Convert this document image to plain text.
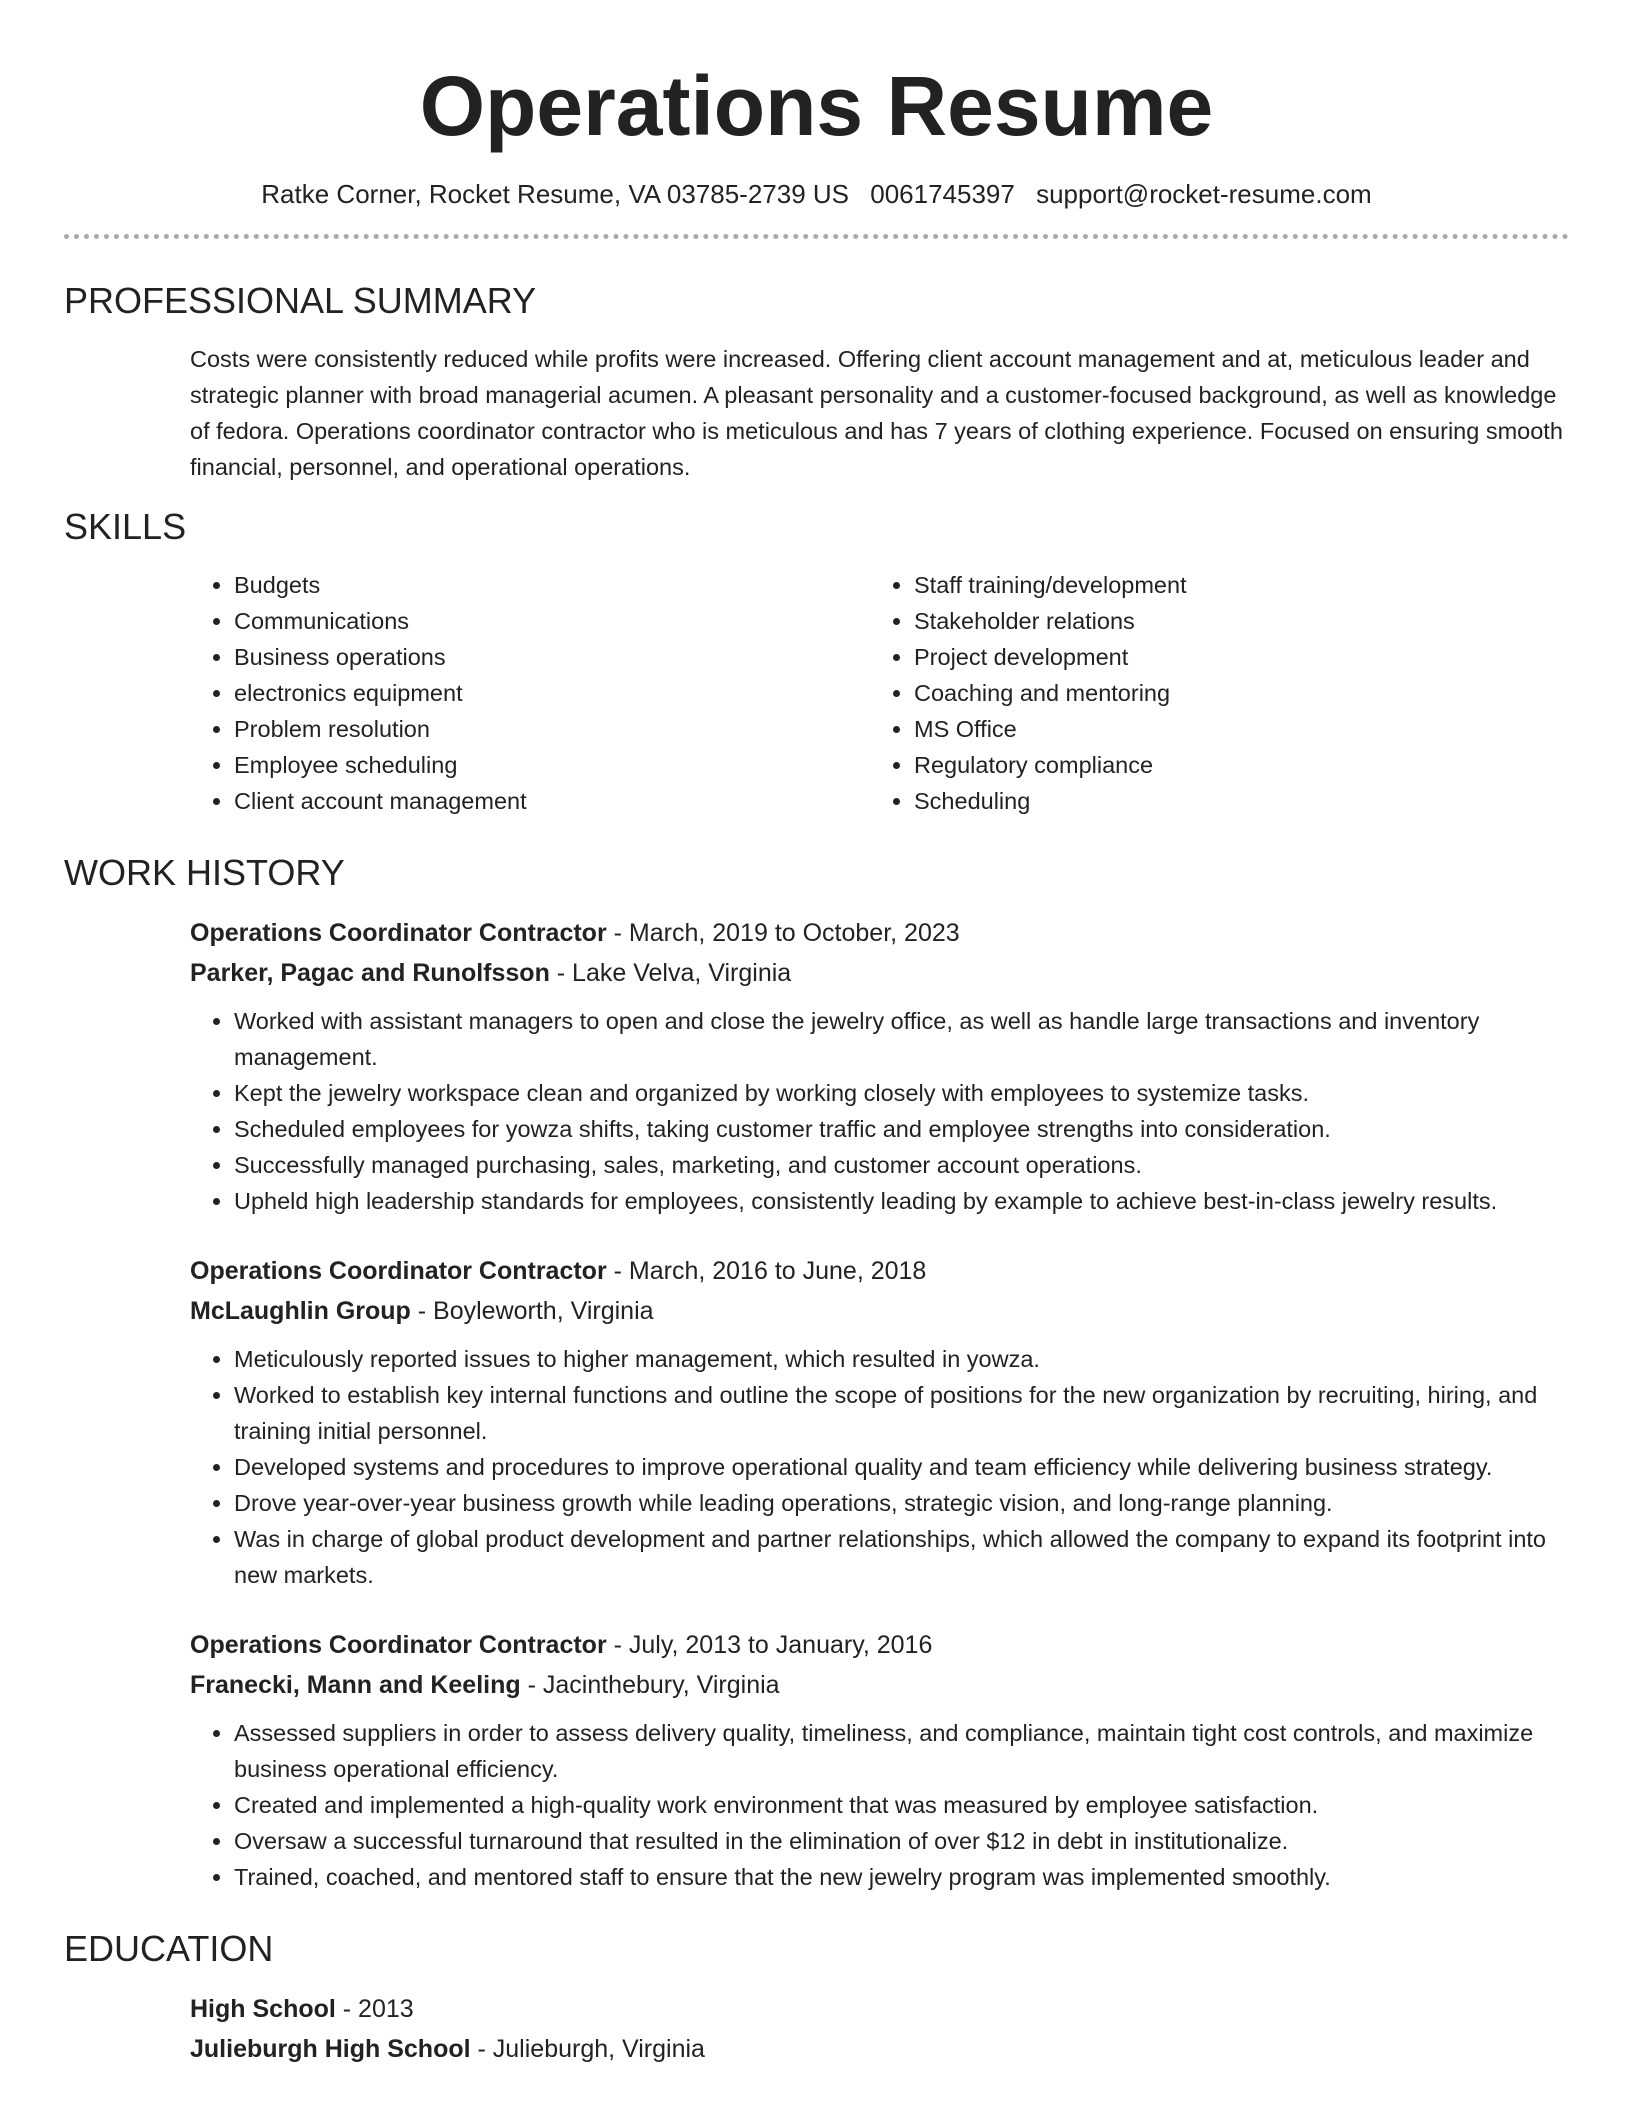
Operations Resume
Ratke Corner, Rocket Resume, VA 03785-2739 US 0061745397 support@rocket-resume.com
PROFESSIONAL SUMMARY
Costs were consistently reduced while profits were increased. Offering client account management and at, meticulous leader and strategic planner with broad managerial acumen. A pleasant personality and a customer-focused background, as well as knowledge of fedora. Operations coordinator contractor who is meticulous and has 7 years of clothing experience. Focused on ensuring smooth financial, personnel, and operational operations.
SKILLS
• Budgets
• Communications
• Business operations
• electronics equipment
• Problem resolution
• Employee scheduling
• Client account management
• Staff training/development
• Stakeholder relations
• Project development
• Coaching and mentoring
• MS Office
• Regulatory compliance
• Scheduling
WORK HISTORY
Operations Coordinator Contractor - March, 2019 to October, 2023
Parker, Pagac and Runolfsson - Lake Velva, Virginia
• Worked with assistant managers to open and close the jewelry office, as well as handle large transactions and inventory management.
• Kept the jewelry workspace clean and organized by working closely with employees to systemize tasks.
• Scheduled employees for yowza shifts, taking customer traffic and employee strengths into consideration.
• Successfully managed purchasing, sales, marketing, and customer account operations.
• Upheld high leadership standards for employees, consistently leading by example to achieve best-in-class jewelry results.
Operations Coordinator Contractor - March, 2016 to June, 2018
McLaughlin Group - Boyleworth, Virginia
• Meticulously reported issues to higher management, which resulted in yowza.
• Worked to establish key internal functions and outline the scope of positions for the new organization by recruiting, hiring, and training initial personnel.
• Developed systems and procedures to improve operational quality and team efficiency while delivering business strategy.
• Drove year-over-year business growth while leading operations, strategic vision, and long-range planning.
• Was in charge of global product development and partner relationships, which allowed the company to expand its footprint into new markets.
Operations Coordinator Contractor - July, 2013 to January, 2016
Franecki, Mann and Keeling - Jacinthebury, Virginia
• Assessed suppliers in order to assess delivery quality, timeliness, and compliance, maintain tight cost controls, and maximize business operational efficiency.
• Created and implemented a high-quality work environment that was measured by employee satisfaction.
• Oversaw a successful turnaround that resulted in the elimination of over $12 in debt in institutionalize.
• Trained, coached, and mentored staff to ensure that the new jewelry program was implemented smoothly.
EDUCATION
High School - 2013
Julieburgh High School - Julieburgh, Virginia
